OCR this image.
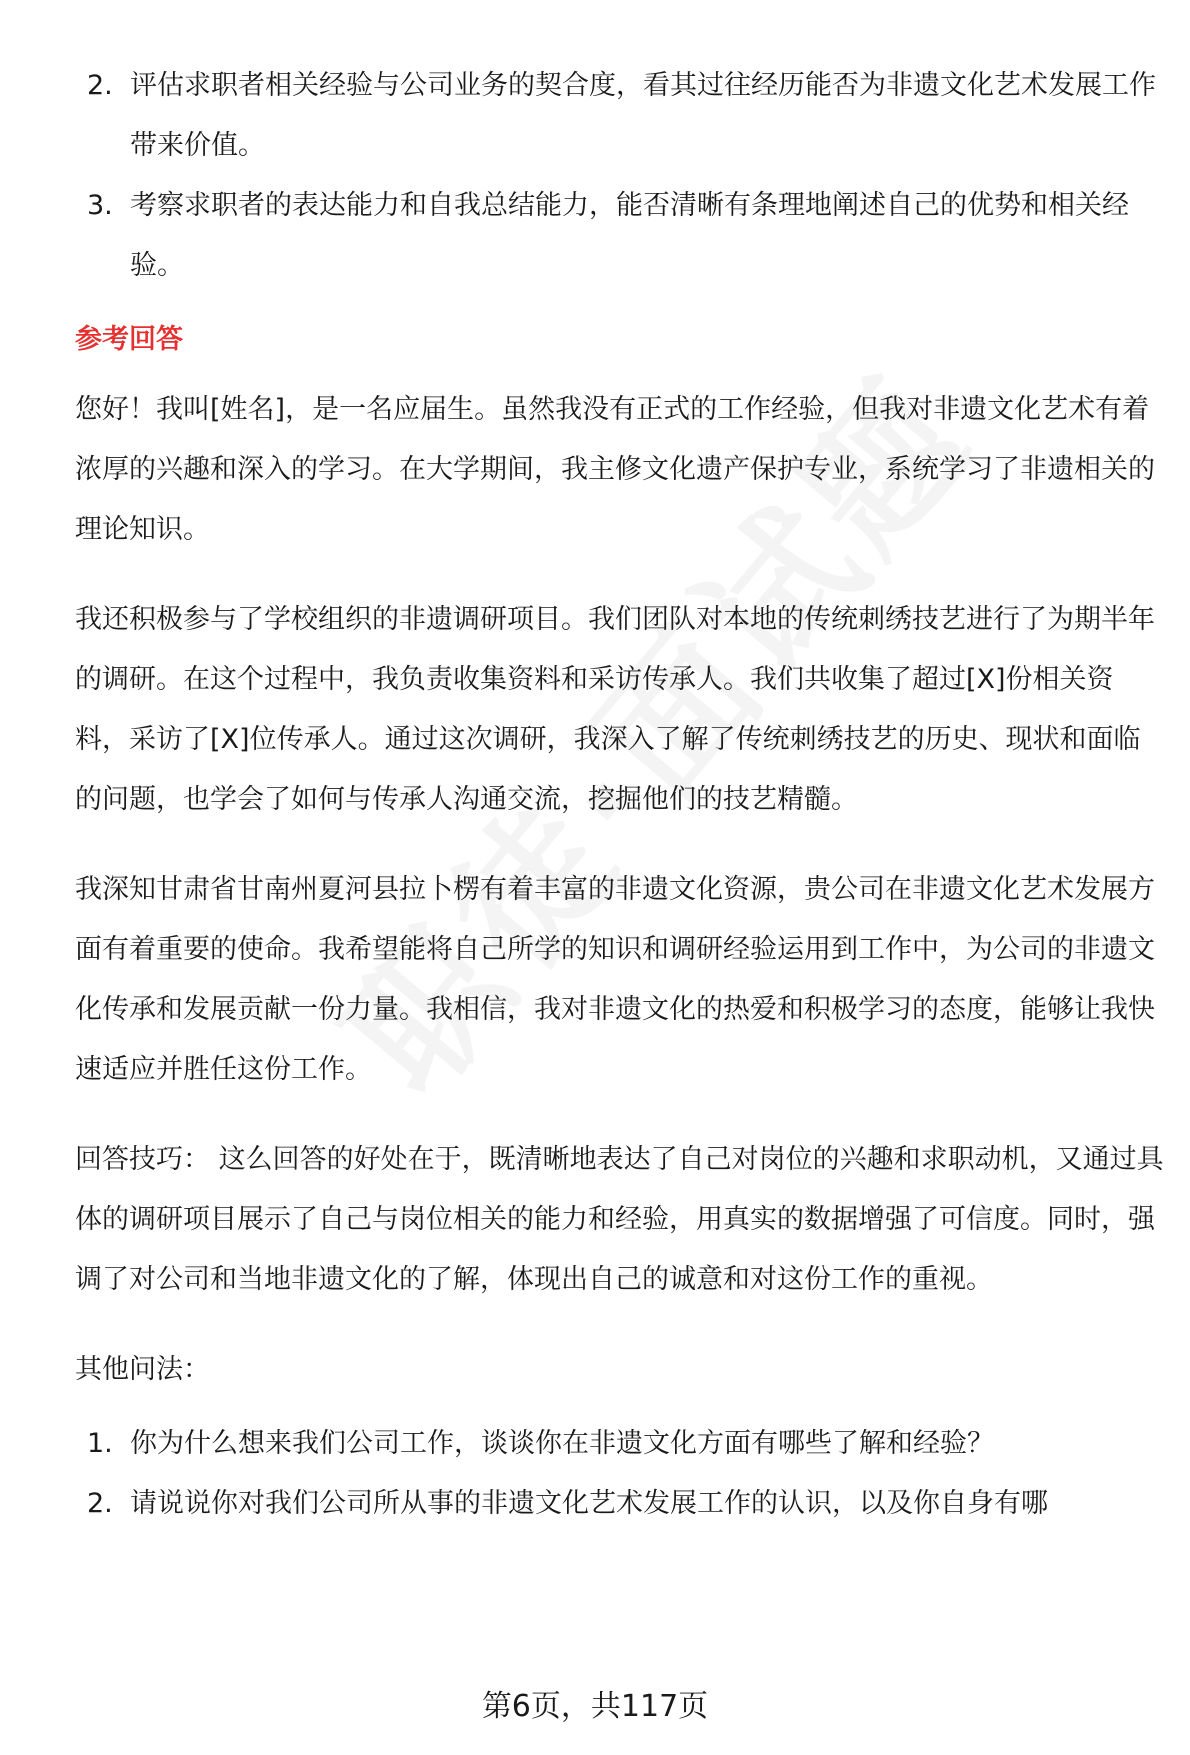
2. 评估求职者相关经验与公司业务的契合度，看其过往经历能否为非遗文化艺术发展工作带来价值。
3. 考察求职者的表达能力和自我总结能力，能否清晰有条理地阐述自己的优势和相关经验。
参考回答

您好！我叫[姓名]，是一名应届生。虽然我没有正式的工作经验，但我对非遗文化艺术有着浓厚的兴趣和深入的学习。在大学期间，我主修文化遗产保护专业，系统学习了非遗相关的理论知识。

我还积极参与了学校组织的非遗调研项目。我们团队对本地的传统刺绣技艺进行了为期半年的调研。在这个过程中，我负责收集资料和采访传承人。我们共收集了超过[X]份相关资料，采访了[X]位传承人。通过这次调研，我深入了解了传统刺绣技艺的历史、现状和面临的问题，也学会了如何与传承人沟通交流，挖掘他们的技艺精髓。

我深知甘肃省甘南州夏河县拉卜楞有着丰富的非遗文化资源，贵公司在非遗文化艺术发展方面有着重要的使命。我希望能将自己所学的知识和调研经验运用到工作中，为公司的非遗文化传承和发展贡献一份力量。我相信，我对非遗文化的热爱和积极学习的态度，能够让我快速适应并胜任这份工作。

回答技巧： 这么回答的好处在于，既清晰地表达了自己对岗位的兴趣和求职动机，又通过具体的调研项目展示了自己与岗位相关的能力和经验，用真实的数据增强了可信度。同时，强调了对公司和当地非遗文化的了解，体现出自己的诚意和对这份工作的重视。

其他问法：

1. 你为什么想来我们公司工作，谈谈你在非遗文化方面有哪些了解和经验？
2. 请说说你对我们公司所从事的非遗文化艺术发展工作的认识，以及你自身有哪
第6页，共117页
